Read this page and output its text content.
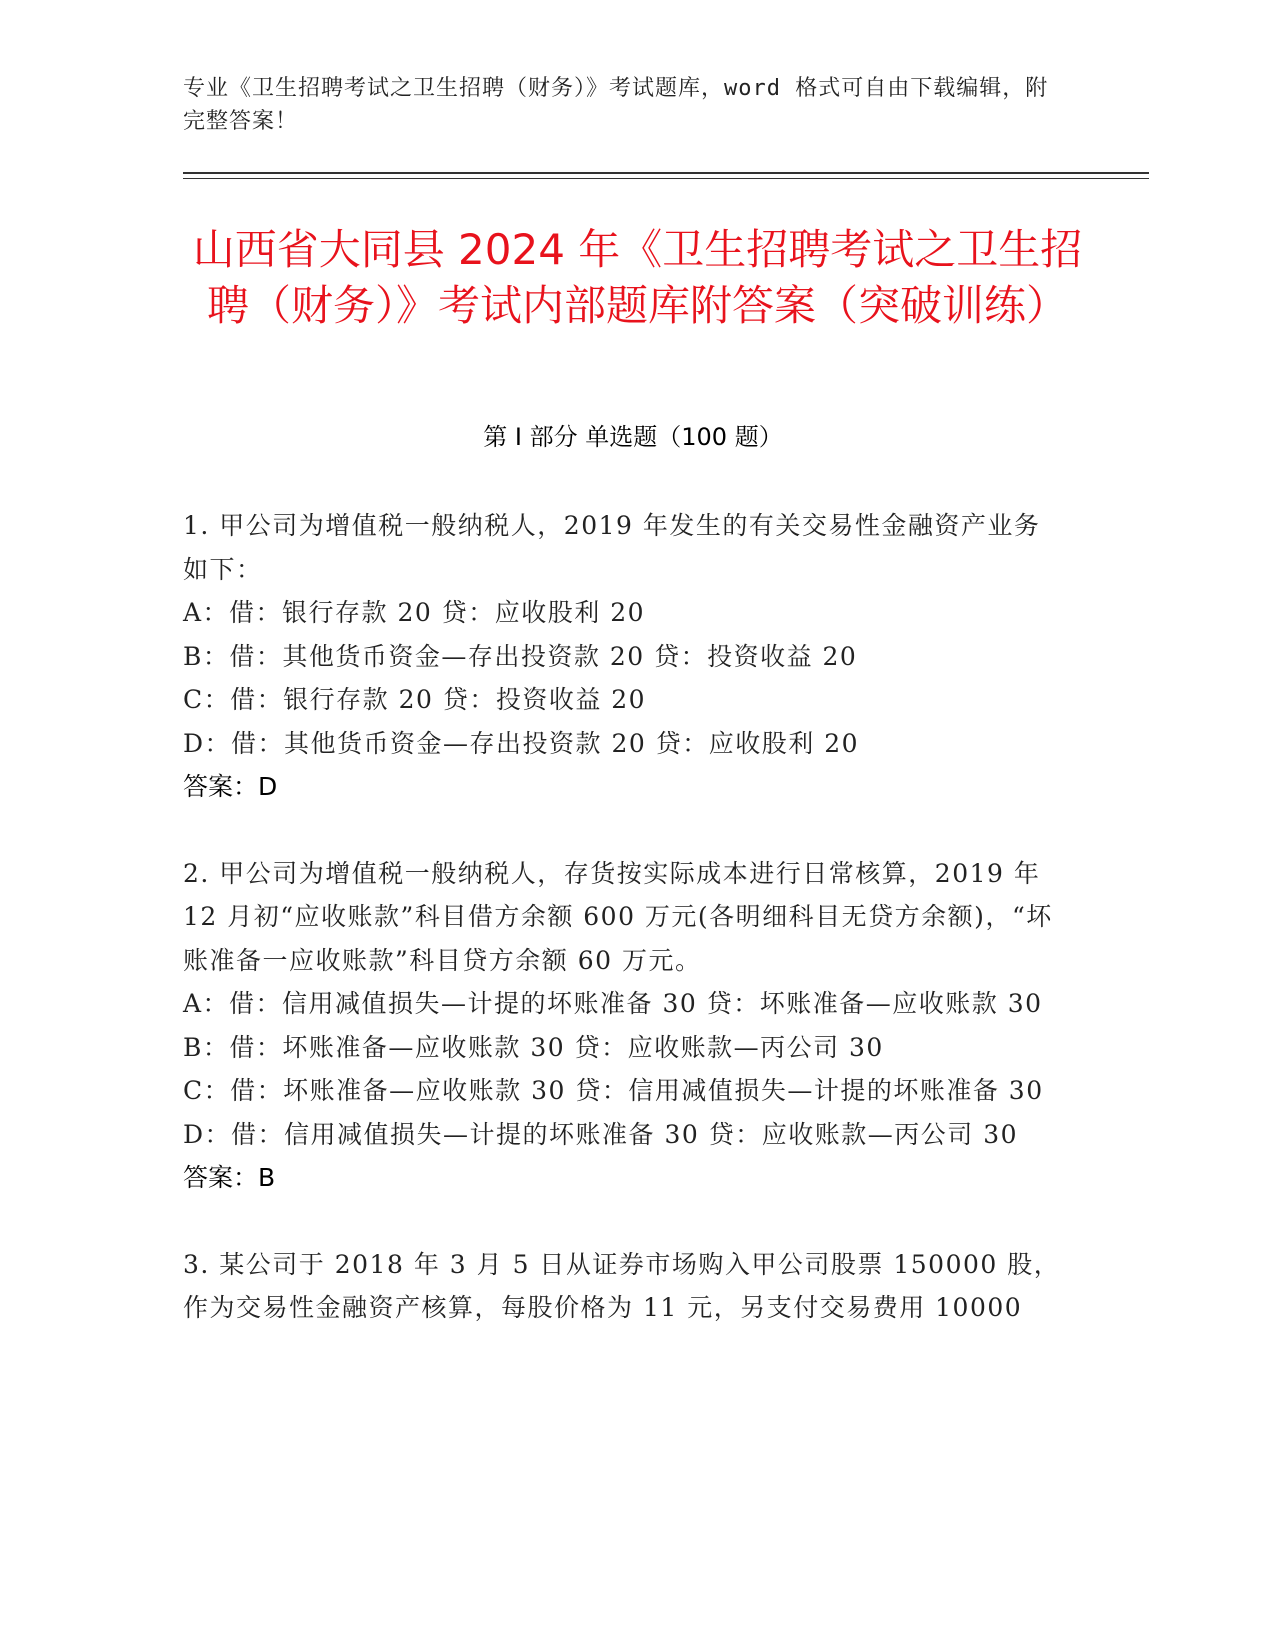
专业《卫生招聘考试之卫生招聘（财务）》考试题库，word 格式可自由下载编辑，附完整答案！
山西省大同县 2024 年《卫生招聘考试之卫生招聘（财务）》考试内部题库附答案（突破训练）
第 I 部分 单选题（100 题）

1. 甲公司为增值税一般纳税人，2019 年发生的有关交易性金融资产业务如下：

A：借：银行存款 20 贷：应收股利 20

B：借：其他货币资金—存出投资款 20 贷：投资收益 20

C：借：银行存款 20 贷：投资收益 20

D：借：其他货币资金—存出投资款 20 贷：应收股利 20

答案：D

2. 甲公司为增值税一般纳税人，存货按实际成本进行日常核算，2019 年 12 月初“应收账款”科目借方余额 600 万元(各明细科目无贷方余额)，“坏账准备一应收账款”科目贷方余额 60 万元。

A：借：信用减值损失—计提的坏账准备 30 贷：坏账准备—应收账款 30

B：借：坏账准备—应收账款 30 贷：应收账款—丙公司 30

C：借：坏账准备—应收账款 30 贷：信用减值损失—计提的坏账准备 30

D：借：信用减值损失—计提的坏账准备 30 贷：应收账款—丙公司 30

答案：B

3. 某公司于 2018 年 3 月 5 日从证券市场购入甲公司股票 150000 股，作为交易性金融资产核算，每股价格为 11 元，另支付交易费用 10000
